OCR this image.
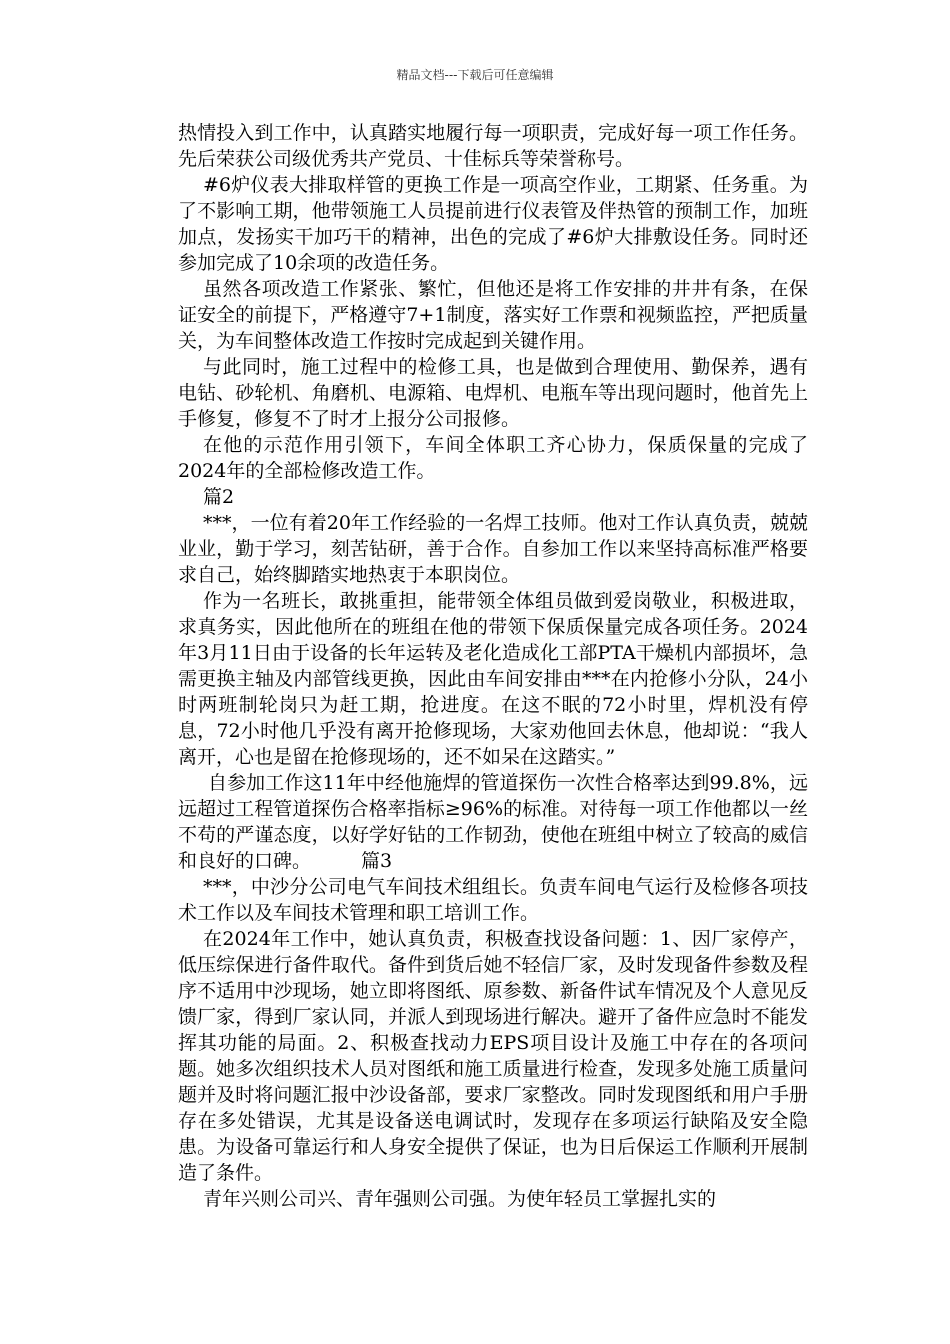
精品文档---下载后可任意编辑

热情投入到工作中，认真踏实地履行每一项职责，完成好每一项工作任务。先后荣获公司级优秀共产党员、十佳标兵等荣誉称号。

#6炉仪表大排取样管的更换工作是一项高空作业，工期紧、任务重。为了不影响工期，他带领施工人员提前进行仪表管及伴热管的预制工作，加班加点，发扬实干加巧干的精神，出色的完成了#6炉大排敷设任务。同时还参加完成了10余项的改造任务。

虽然各项改造工作紧张、繁忙，但他还是将工作安排的井井有条，在保证安全的前提下，严格遵守7+1制度，落实好工作票和视频监控，严把质量关，为车间整体改造工作按时完成起到关键作用。

与此同时，施工过程中的检修工具，也是做到合理使用、勤保养，遇有电钻、砂轮机、角磨机、电源箱、电焊机、电瓶车等出现问题时，他首先上手修复，修复不了时才上报分公司报修。

在他的示范作用引领下，车间全体职工齐心协力，保质保量的完成了2024年的全部检修改造工作。

篇2

***，一位有着20年工作经验的一名焊工技师。他对工作认真负责，兢兢业业，勤于学习，刻苦钻研，善于合作。自参加工作以来坚持高标准严格要求自己，始终脚踏实地热衷于本职岗位。

作为一名班长，敢挑重担，能带领全体组员做到爱岗敬业，积极进取，求真务实，因此他所在的班组在他的带领下保质保量完成各项任务。2024年3月11日由于设备的长年运转及老化造成化工部PTA干燥机内部损坏，急需更换主轴及内部管线更换，因此由车间安排由***在内抢修小分队，24小时两班制轮岗只为赶工期，抢进度。在这不眠的72小时里，焊机没有停息，72小时他几乎没有离开抢修现场，大家劝他回去休息，他却说：“我人离开，心也是留在抢修现场的，还不如呆在这踏实。”

自参加工作这11年中经他施焊的管道探伤一次性合格率达到99.8%，远远超过工程管道探伤合格率指标≥96%的标准。对待每一项工作他都以一丝不苟的严谨态度，以好学好钻的工作韧劲，使他在班组中树立了较高的威信和良好的口碑。	篇3

***，中沙分公司电气车间技术组组长。负责车间电气运行及检修各项技术工作以及车间技术管理和职工培训工作。

在2024年工作中，她认真负责，积极查找设备问题：1、因厂家停产，低压综保进行备件取代。备件到货后她不轻信厂家，及时发现备件参数及程序不适用中沙现场，她立即将图纸、原参数、新备件试车情况及个人意见反馈厂家，得到厂家认同，并派人到现场进行解决。避开了备件应急时不能发挥其功能的局面。2、积极查找动力EPS项目设计及施工中存在的各项问题。她多次组织技术人员对图纸和施工质量进行检查，发现多处施工质量问题并及时将问题汇报中沙设备部，要求厂家整改。同时发现图纸和用户手册存在多处错误，尤其是设备送电调试时，发现存在多项运行缺陷及安全隐患。为设备可靠运行和人身安全提供了保证，也为日后保运工作顺利开展制造了条件。

青年兴则公司兴、青年强则公司强。为使年轻员工掌握扎实的
